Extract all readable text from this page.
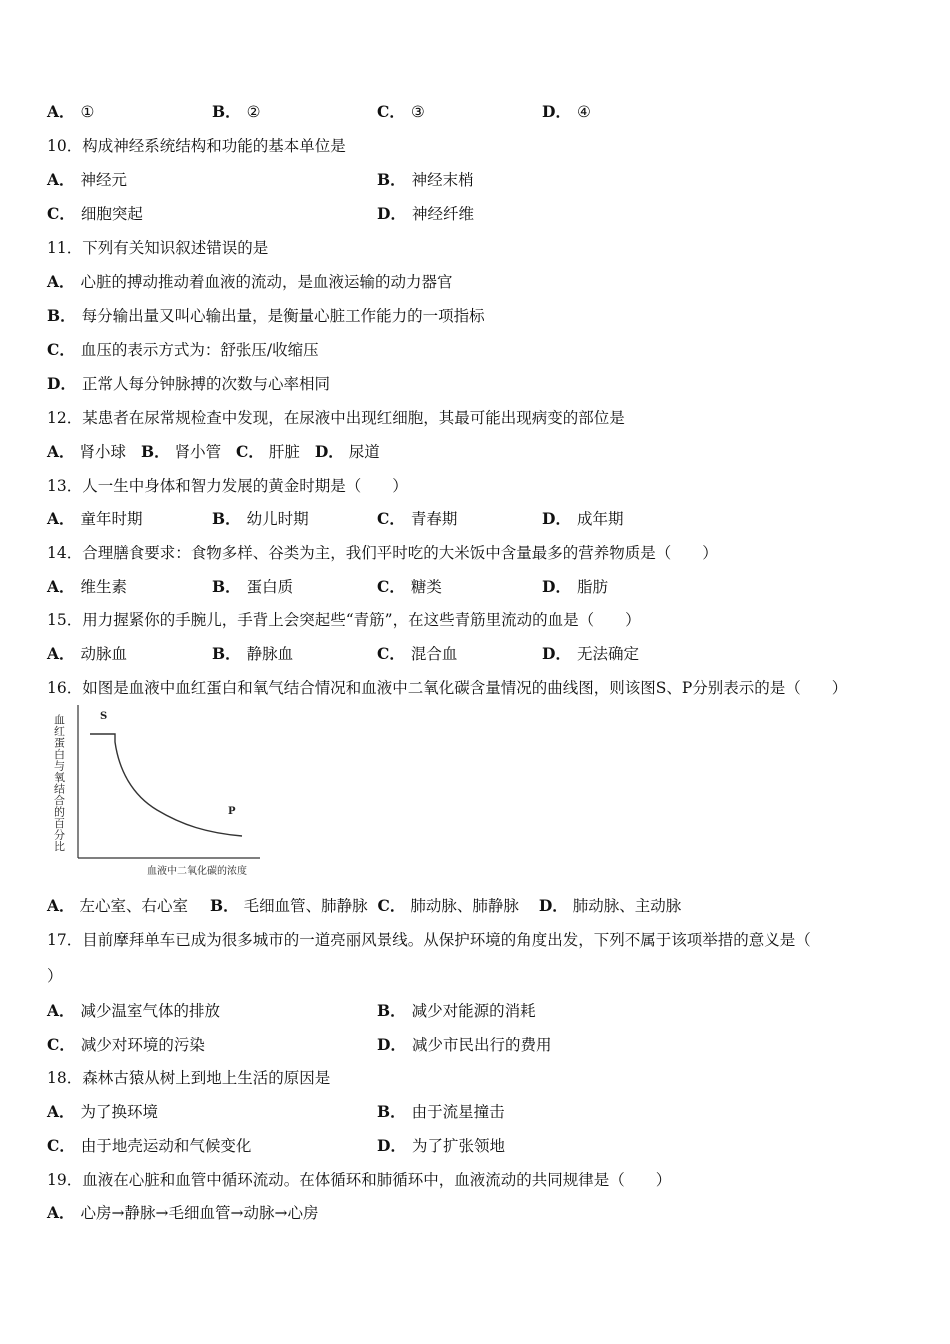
A． ①	B． ②	C． ③	D． ④
10．构成神经系统结构和功能的基本单位是
A． 神经元	B． 神经末梢
C． 细胞突起	D． 神经纤维
11．下列有关知识叙述错误的是
A． 心脏的搏动推动着血液的流动，是血液运输的动力器官
B． 每分输出量又叫心输出量，是衡量心脏工作能力的一项指标
C． 血压的表示方式为：舒张压/收缩压
D． 正常人每分钟脉搏的次数与心率相同
12．某患者在尿常规检查中发现，在尿液中出现红细胞，其最可能出现病变的部位是
A． 肾小球 B． 肾小管 C． 肝脏 D． 尿道
13．人一生中身体和智力发展的黄金时期是（　　）
A． 童年时期	B． 幼儿时期	C． 青春期	D． 成年期
14．合理膳食要求：食物多样、谷类为主，我们平时吃的大米饭中含量最多的营养物质是（　　）
A． 维生素	B． 蛋白质	C． 糖类	D． 脂肪
15．用力握紧你的手腕儿，手背上会突起些“青筋”，在这些青筋里流动的血是（　　）
A． 动脉血	B． 静脉血	C． 混合血	D． 无法确定
16．如图是血液中血红蛋白和氧气结合情况和血液中二氧化碳含量情况的曲线图，则该图S、P分别表示的是（　　）
血红蛋白与氧结合的百分比	S
P
血液中二氧化碳的浓度
A． 左心室、右心室 B． 毛细血管、肺静脉 C． 肺动脉、肺静脉 D． 肺动脉、主动脉
17．目前摩拜单车已成为很多城市的一道亮丽风景线。从保护环境的角度出发，下列不属于该项举措的意义是（
）
A． 减少温室气体的排放	B． 减少对能源的消耗
C． 减少对环境的污染	D． 减少市民出行的费用
18．森林古猿从树上到地上生活的原因是
A． 为了换环境	B． 由于流星撞击
C． 由于地壳运动和气候变化	D． 为了扩张领地
19．血液在心脏和血管中循环流动。在体循环和肺循环中，血液流动的共同规律是（　　）
A． 心房→静脉→毛细血管→动脉→心房
